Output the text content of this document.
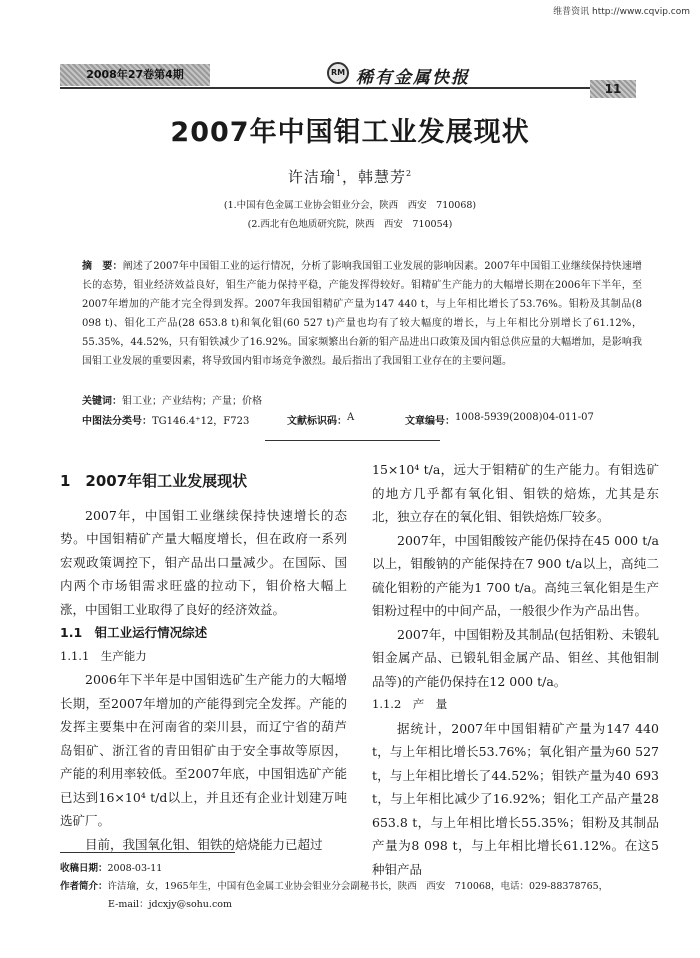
维普资讯 http://www.cqvip.com
2008年27卷第4期	RM 稀有金属快报
11
2007年中国钼工业发展现状
许洁瑜$^1$，韩慧芳$^2$
(1.中国有色金属工业协会钼业分会，陕西　西安　710068)
(2.西北有色地质研究院，陕西　西安　710054)
摘　要：阐述了2007年中国钼工业的运行情况，分析了影响我国钼工业发展的影响因素。2007年中国钼工业继续保持快速增长的态势，钼业经济效益良好，钼生产能力保持平稳，产能发挥得较好。钼精矿生产能力的大幅增长期在2006年下半年，至2007年增加的产能才完全得到发挥。2007年我国钼精矿产量为147 440 t，与上年相比增长了53.76%。钼粉及其制品(8 098 t)、钼化工产品(28 653.8 t)和氧化钼(60 527 t)产量也均有了较大幅度的增长，与上年相比分别增长了61.12%，55.35%，44.52%，只有钼铁减少了16.92%。国家频繁出台新的钼产品进出口政策及国内钼总供应量的大幅增加，是影响我国钼工业发展的重要因素，将导致国内钼市场竞争激烈。最后指出了我国钼工业存在的主要问题。
关键词：钼工业；产业结构；产量；价格
中图法分类号： TG146.4⁺12，F723	文献标识码： A	文章编号： 1008-5939(2008)04-011-07
1　2007年钼工业发展现状

2007年，中国钼工业继续保持快速增长的态势。中国钼精矿产量大幅度增长，但在政府一系列宏观政策调控下，钼产品出口量减少。在国际、国内两个市场钼需求旺盛的拉动下，钼价格大幅上涨，中国钼工业取得了良好的经济效益。

1.1　钼工业运行情况综述
1.1.1　生产能力

2006年下半年是中国钼选矿生产能力的大幅增长期，至2007年增加的产能得到完全发挥。产能的发挥主要集中在河南省的栾川县，而辽宁省的葫芦岛钼矿、浙江省的青田钼矿由于安全事故等原因，产能的利用率较低。至2007年底，中国钼选矿产能已达到16×10⁴ t/d以上，并且还有企业计划建万吨选矿厂。

目前，我国氧化钼、钼铁的焙烧能力已超过

15×10⁴ t/a，远大于钼精矿的生产能力。有钼选矿的地方几乎都有氧化钼、钼铁的焙炼，尤其是东北，独立存在的氧化钼、钼铁焙炼厂较多。

2007年，中国钼酸铵产能仍保持在45 000 t/a以上，钼酸钠的产能保持在7 900 t/a以上，高纯二硫化钼粉的产能为1 700 t/a。高纯三氧化钼是生产钼粉过程中的中间产品，一般很少作为产品出售。

2007年，中国钼粉及其制品(包括钼粉、未锻轧钼金属产品、已锻轧钼金属产品、钼丝、其他钼制品等)的产能仍保持在12 000 t/a。

1.1.2　产　量

据统计，2007年中国钼精矿产量为147 440 t，与上年相比增长53.76%；氧化钼产量为60 527 t，与上年相比增长了44.52%；钼铁产量为40 693 t，与上年相比减少了16.92%；钼化工产品产量28 653.8 t，与上年相比增长55.35%；钼粉及其制品产量为8 098 t，与上年相比增长61.12%。在这5种钼产品

收稿日期：2008-03-11
作者简介：许洁瑜，女，1965年生，中国有色金属工业协会钼业分会副秘书长，陕西　西安　710068，电话：029-88378765，
E-mail：jdcxjy@sohu.com
